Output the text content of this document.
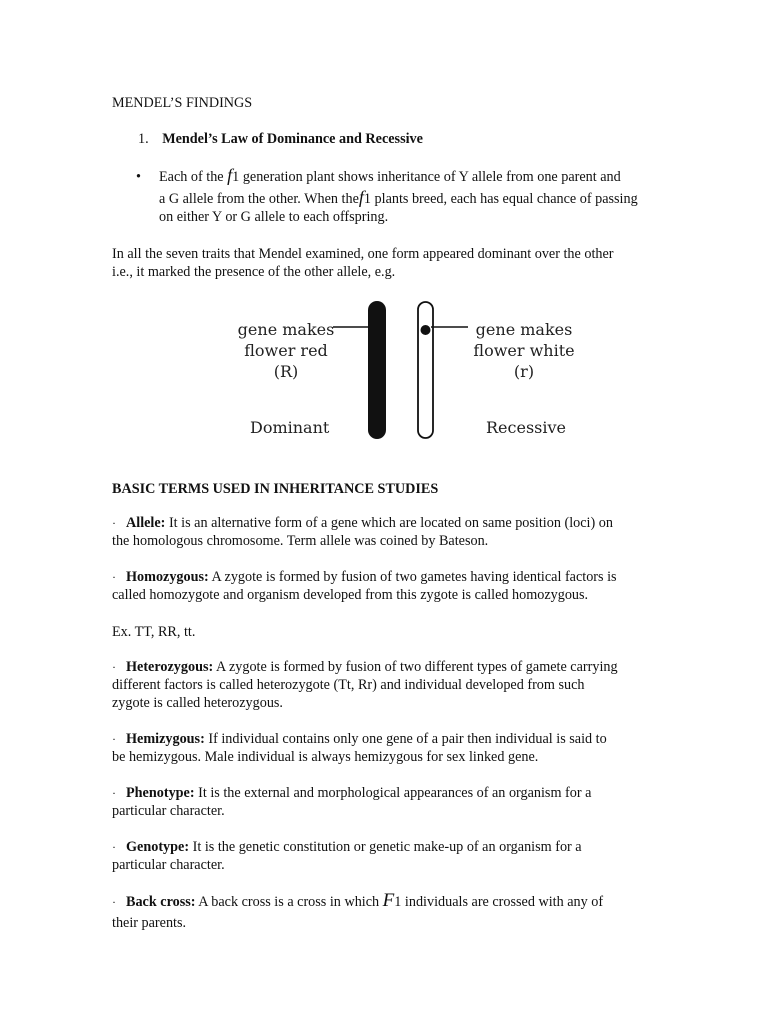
MENDEL’S FINDINGS
1. Mendel’s Law of Dominance and Recessive
• Each of the f1 generation plant shows inheritance of Y allele from one parent and
a G allele from the other. When thef1 plants breed, each has equal chance of passing
on either Y or G allele to each offspring.
In all the seven traits that Mendel examined, one form appeared dominant over the other
i.e., it marked the presence of the other allele, e.g.
gene makes
flower red (R)
Dominant
gene makes
flower white (r)
Recessive
BASIC TERMS USED IN INHERITANCE STUDIES
· Allele: It is an alternative form of a gene which are located on same position (loci) on
the homologous chromosome. Term allele was coined by Bateson.
· Homozygous: A zygote is formed by fusion of two gametes having identical factors is
called homozygote and organism developed from this zygote is called homozygous.
Ex. TT, RR, tt.
· Heterozygous: A zygote is formed by fusion of two different types of gamete carrying
different factors is called heterozygote (Tt, Rr) and individual developed from such
zygote is called heterozygous.
· Hemizygous: If individual contains only one gene of a pair then individual is said to
be hemizygous. Male individual is always hemizygous for sex linked gene.
· Phenotype: It is the external and morphological appearances of an organism for a
particular character.
· Genotype: It is the genetic constitution or genetic make-up of an organism for a
particular character.
· Back cross: A back cross is a cross in which F1 individuals are crossed with any of
their parents.
